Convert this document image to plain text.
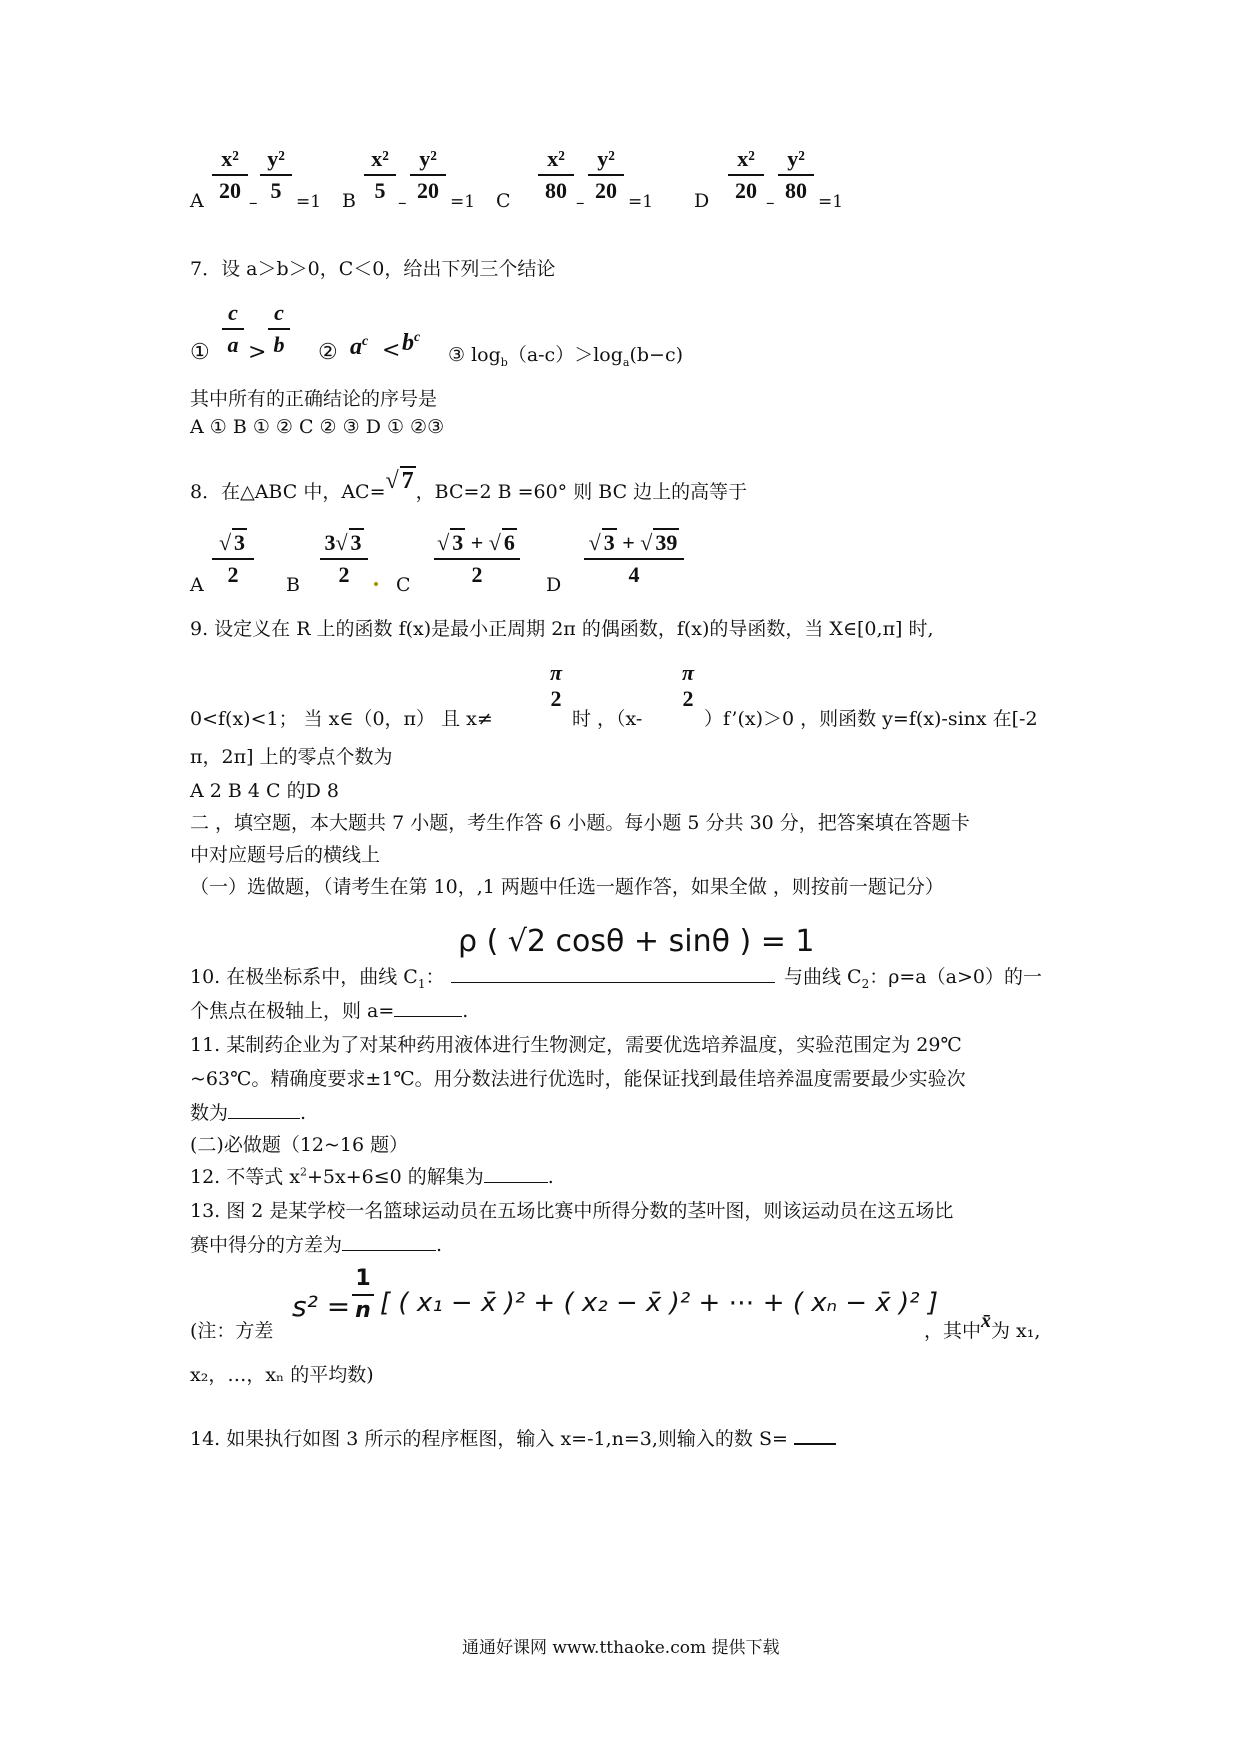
A
x²
20 –
y²
5 =1 B
x²
5 –
y²
20 =1 C
x²
80 –
y²
20 =1 D
x²
20 –
y²
80 =1
7．设 a＞b＞0，C＜0，给出下列三个结论
①
c
a >
c
b ② $a^c < b^c$
③ $\log_b(a-c)>\log_a(b-c)$
其中所有的正确结论的序号是
A ① B ① ② C ② ③ D ① ②③
8．在△ABC 中，AC=√ 7 ，BC=2 B =60° 则 BC 边上的高等于
A
√ 3
2	B
3√ 3
2	C
√ 3 + √ 6
2	D
√ 3 + √ 39
4
9. 设定义在 R 上的函数 f(x)是最小正周期 2π 的偶函数，f(x)的导函数，当 X∈[0,π] 时,
0<f(x)<1； 当 x∈（0，π） 且 x≠
π
2
时 ，（x-
π
2
）f’(x)＞0 ，则函数 y=f(x)-sinx 在[-2
π，2π] 上的零点个数为
A 2 B 4 C 的D 8
二 ，填空题，本大题共 7 小题，考生作答 6 小题。每小题 5 分共 30 分，把答案填在答题卡
中对应题号后的横线上
（一）选做题，（请考生在第 10，,1 两题中任选一题作答，如果全做 ，则按前一题记分）
ρ ( √2 cosθ + sinθ ) = 1
10. 在极坐标系中，曲线 $C_1$：	与曲线 $C_2$：ρ=a（a>0）的一
个焦点在极轴上，则 a=	.
11. 某制药企业为了对某种药用液体进行生物测定，需要优选培养温度，实验范围定为 29℃
~63℃。精确度要求±1℃。用分数法进行优选时，能保证找到最佳培养温度需要最少实验次
数为	.
(二)必做题（12~16 题）
12. 不等式 $x^2+5x+6\le 0$ 的解集为	.
13. 图 2 是某学校一名篮球运动员在五场比赛中所得分数的茎叶图，则该运动员在这五场比
赛中得分的方差为	.
s² =
1
n [ ( x₁ − x̄ )² + ( x₂ − x̄ )² + ⋯ + ( xₙ − x̄ )² ]
(注：方差	，其中x̄为 x₁,
x₂，…，xₙ 的平均数)
14. 如果执行如图 3 所示的程序框图，输入 x=-1,n=3,则输入的数 S=
通通好课网 www.tthaoke.com 提供下载
